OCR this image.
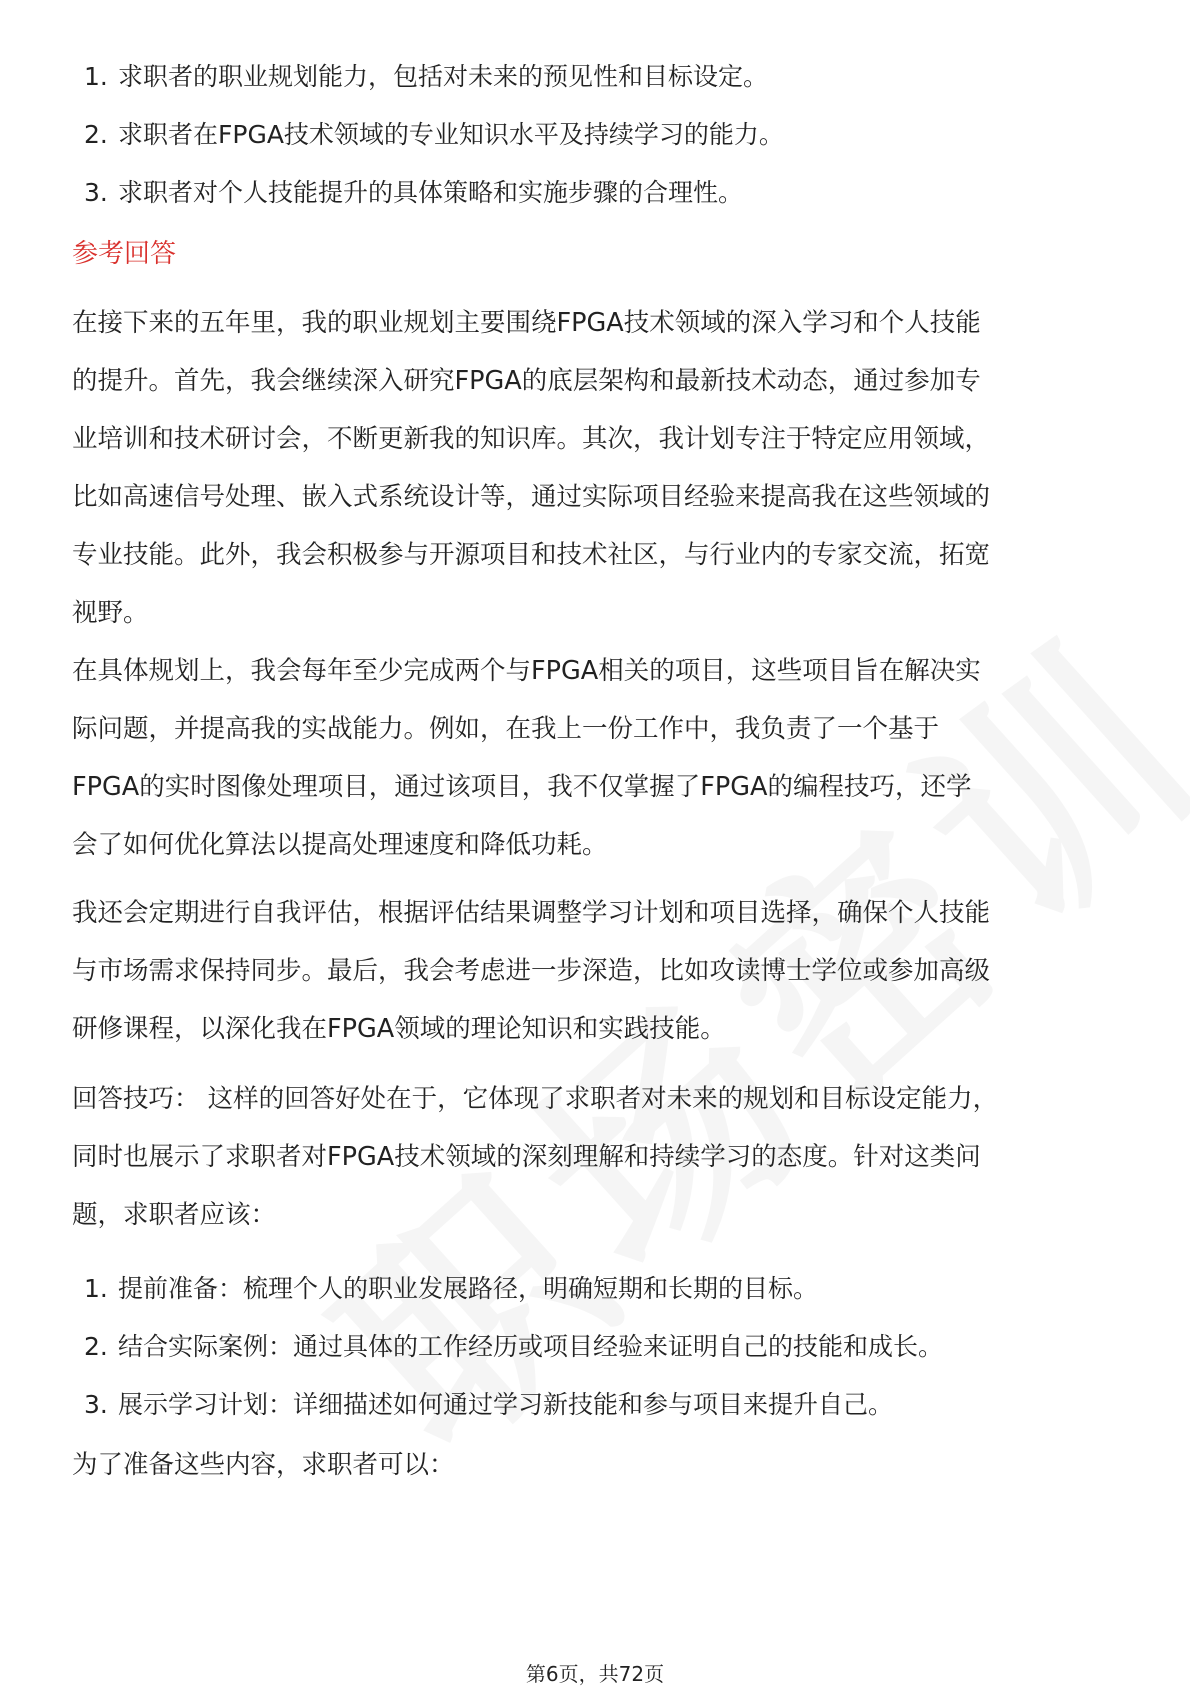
1. 求职者的职业规划能力，包括对未来的预见性和目标设定。
2. 求职者在FPGA技术领域的专业知识水平及持续学习的能力。
3. 求职者对个人技能提升的具体策略和实施步骤的合理性。
参考回答
在接下来的五年里，我的职业规划主要围绕FPGA技术领域的深入学习和个人技能
的提升。首先，我会继续深入研究FPGA的底层架构和最新技术动态，通过参加专
业培训和技术研讨会，不断更新我的知识库。其次，我计划专注于特定应用领域，
比如高速信号处理、嵌入式系统设计等，通过实际项目经验来提高我在这些领域的
专业技能。此外，我会积极参与开源项目和技术社区，与行业内的专家交流，拓宽
视野。
在具体规划上，我会每年至少完成两个与FPGA相关的项目，这些项目旨在解决实
际问题，并提高我的实战能力。例如，在我上一份工作中，我负责了一个基于
FPGA的实时图像处理项目，通过该项目，我不仅掌握了FPGA的编程技巧，还学
会了如何优化算法以提高处理速度和降低功耗。
我还会定期进行自我评估，根据评估结果调整学习计划和项目选择，确保个人技能
与市场需求保持同步。最后，我会考虑进一步深造，比如攻读博士学位或参加高级
研修课程，以深化我在FPGA领域的理论知识和实践技能。
回答技巧： 这样的回答好处在于，它体现了求职者对未来的规划和目标设定能力，
同时也展示了求职者对FPGA技术领域的深刻理解和持续学习的态度。针对这类问
题，求职者应该：
1. 提前准备：梳理个人的职业发展路径，明确短期和长期的目标。
2. 结合实际案例：通过具体的工作经历或项目经验来证明自己的技能和成长。
3. 展示学习计划：详细描述如何通过学习新技能和参与项目来提升自己。
为了准备这些内容，求职者可以：
第6页，共72页
